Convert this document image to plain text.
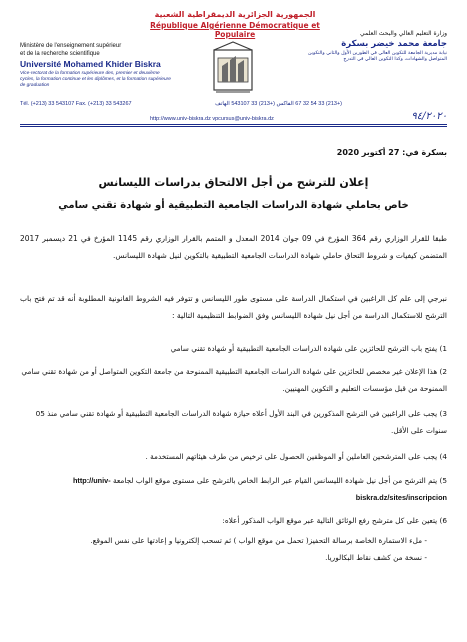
الجمهورية الجزائرية الديمقراطية الشعبية
République Algérienne Démocratique et Populaire
Ministère de l'enseignement supérieur
et de la recherche scientifique
Université Mohamed Khider Biskra
Vice-rectorat de la formation supérieure des, premier et deuxième cycles, la formation continue et les diplômes, et la formation supérieure de graduation
وزارة التعليم العالي والبحث العلمي
جامعة محمد خيضر بسكرة
نيابة مديرية الجامعة للتكوين العالي في الطورين الأول والثاني والتكوين المتواصل والشهادات، وكذا التكوين العالي في التدرج
Tél. (+213) 33 543107 Fax. (+213) 33 543267	(+213) 33 54 32 67 الفاكس (+213) 33 543107 الهاتف
http://www.univ-biskra.dz vpcursus@univ-biskra.dz	٩٤/٢٠٢٠
بسكرة في: 27 أكتوبر 2020
إعلان للترشح من أجل الالتحاق بدراسات الليسانس
خاص بحاملي شهادة الدراسات الجامعية التطبيقية أو شهادة تقني سامي
طبقا للقرار الوزاري رقم 364 المؤرخ في 09 جوان 2014 المعدل و المتمم بالقرار الوزاري رقم 1145 المؤرخ في 21 ديسمبر 2017 المتضمن كيفيات و شروط التحاق حاملي شهادة الدراسات الجامعية التطبيقية بالتكوين لنيل شهادة الليسانس.
نبرجي إلى علم كل الراغبين في استكمال الدراسة على مستوى طور الليسانس و تتوفر فيه الشروط القانونية المطلوبة أنه قد تم فتح باب الترشح للاستكمال الدراسة من أجل نيل شهادة الليسانس وفق الضوابط التنظيمية التالية :
1) يفتح باب الترشح للحائزين على شهادة الدراسات الجامعية التطبيقية أو شهادة تقني سامي
2) هذا الإعلان غير مخصص للحائزين على شهادة الدراسات الجامعية التطبيقية الممنوحة من جامعة التكوين المتواصل أو من شهادة تقني سامي الممنوحة من قبل مؤسسات التعليم و التكوين المهنيين.
3) يجب على الراغبين في الترشح المذكورين في البند الأول أعلاه حيازة شهادة الدراسات الجامعية التطبيقية أو شهادة تقني سامي منذ 05 سنوات على الأقل.
4) يجب على المترشحين العاملين أو الموظفين الحصول على ترخيص من طرف هيئاتهم المستخدمة .
5) يتم الترشح من أجل نيل شهادة الليسانس القيام عبر الرابط الخاص بالترشح على مستوى موقع الواب لجامعة http://univ-biskra.dz/sites/inscripcion
6) يتعين على كل مترشح رفع الوثائق التالية عبر موقع الواب المذكور أعلاه:
- ملء الاستمارة الخاصة برسالة التحفيز( تحمل من موقع الواب ) ثم تسحب إلكترونيا و إعادتها على نفس الموقع.
- نسخة من كشف نقاط البكالوريا.
